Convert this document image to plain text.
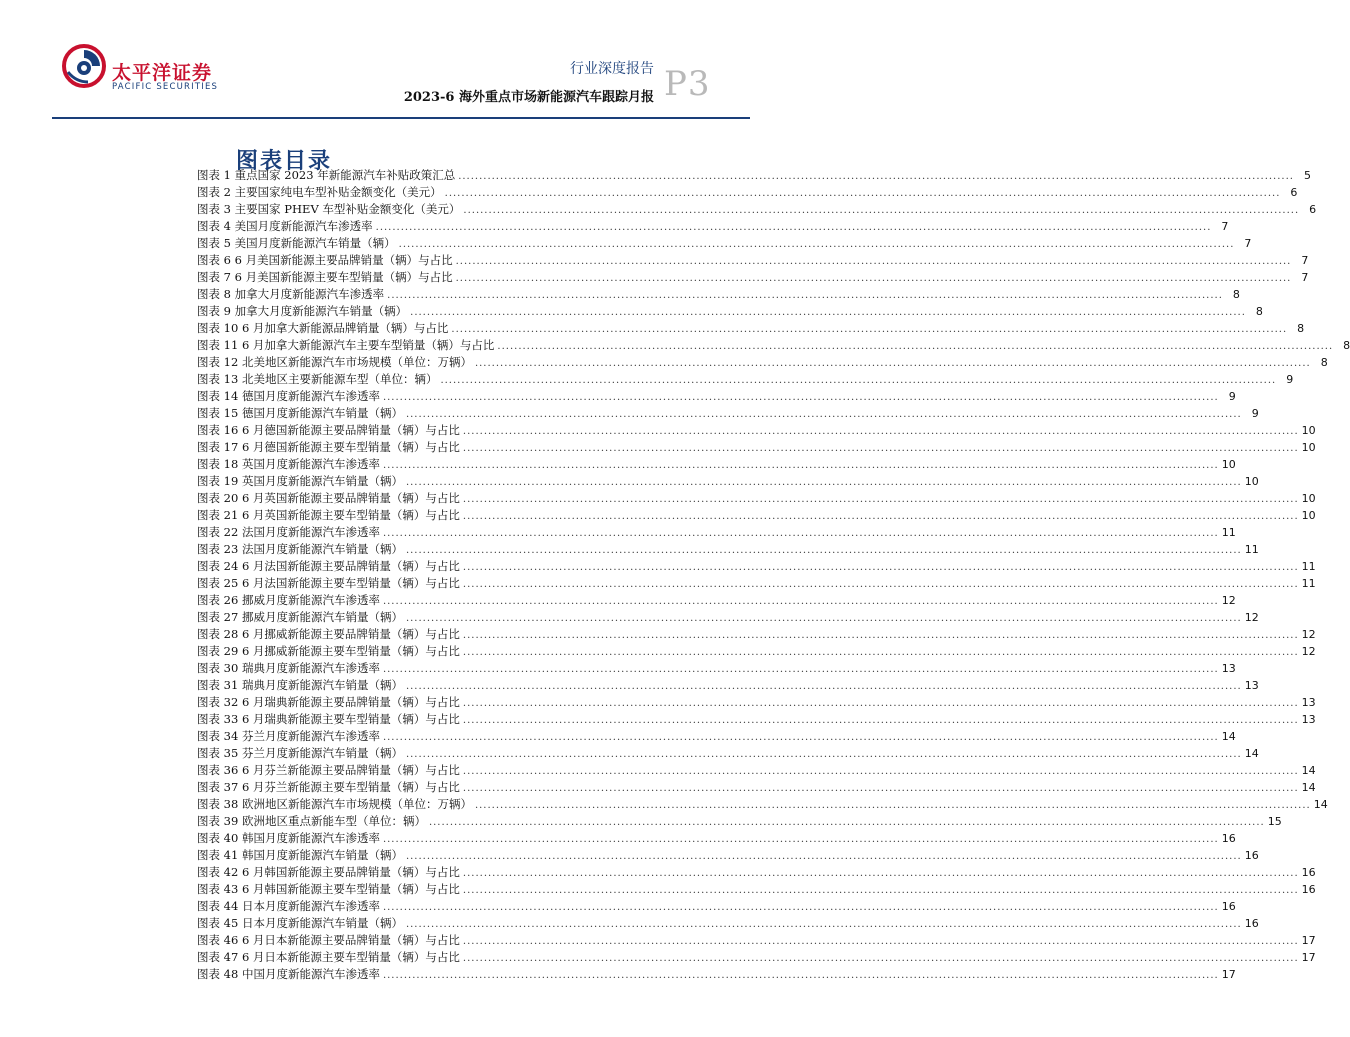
太平洋证券
PACIFIC SECURITIES
行业深度报告
2023-6 海外重点市场新能源汽车跟踪月报 P3
图表目录
图表 1 重点国家 2023 年新能源汽车补贴政策汇总 ........................................................................................................................................................................................................ 5
图表 2 主要国家纯电车型补贴金额变化（美元） ........................................................................................................................................................................................................ 6
图表 3 主要国家 PHEV 车型补贴金额变化（美元） ........................................................................................................................................................................................................ 6
图表 4 美国月度新能源汽车渗透率 ........................................................................................................................................................................................................ 7
图表 5 美国月度新能源汽车销量（辆） ........................................................................................................................................................................................................ 7
图表 6 6 月美国新能源主要品牌销量（辆）与占比 ........................................................................................................................................................................................................ 7
图表 7 6 月美国新能源主要车型销量（辆）与占比 ........................................................................................................................................................................................................ 7
图表 8 加拿大月度新能源汽车渗透率 ........................................................................................................................................................................................................ 8
图表 9 加拿大月度新能源汽车销量（辆） ........................................................................................................................................................................................................ 8
图表 10 6 月加拿大新能源品牌销量（辆）与占比 ........................................................................................................................................................................................................ 8
图表 11 6 月加拿大新能源汽车主要车型销量（辆）与占比 ........................................................................................................................................................................................................ 8
图表 12 北美地区新能源汽车市场规模（单位：万辆） ........................................................................................................................................................................................................ 8
图表 13 北美地区主要新能源车型（单位：辆） ........................................................................................................................................................................................................ 9
图表 14 德国月度新能源汽车渗透率 ........................................................................................................................................................................................................ 9
图表 15 德国月度新能源汽车销量（辆） ........................................................................................................................................................................................................ 9
图表 16 6 月德国新能源主要品牌销量（辆）与占比 ........................................................................................................................................................................................................ 10
图表 17 6 月德国新能源主要车型销量（辆）与占比 ........................................................................................................................................................................................................ 10
图表 18 英国月度新能源汽车渗透率 ........................................................................................................................................................................................................ 10
图表 19 英国月度新能源汽车销量（辆） ........................................................................................................................................................................................................ 10
图表 20 6 月英国新能源主要品牌销量（辆）与占比 ........................................................................................................................................................................................................ 10
图表 21 6 月英国新能源主要车型销量（辆）与占比 ........................................................................................................................................................................................................ 10
图表 22 法国月度新能源汽车渗透率 ........................................................................................................................................................................................................ 11
图表 23 法国月度新能源汽车销量（辆） ........................................................................................................................................................................................................ 11
图表 24 6 月法国新能源主要品牌销量（辆）与占比 ........................................................................................................................................................................................................ 11
图表 25 6 月法国新能源主要车型销量（辆）与占比 ........................................................................................................................................................................................................ 11
图表 26 挪威月度新能源汽车渗透率 ........................................................................................................................................................................................................ 12
图表 27 挪威月度新能源汽车销量（辆） ........................................................................................................................................................................................................ 12
图表 28 6 月挪威新能源主要品牌销量（辆）与占比 ........................................................................................................................................................................................................ 12
图表 29 6 月挪威新能源主要车型销量（辆）与占比 ........................................................................................................................................................................................................ 12
图表 30 瑞典月度新能源汽车渗透率 ........................................................................................................................................................................................................ 13
图表 31 瑞典月度新能源汽车销量（辆） ........................................................................................................................................................................................................ 13
图表 32 6 月瑞典新能源主要品牌销量（辆）与占比 ........................................................................................................................................................................................................ 13
图表 33 6 月瑞典新能源主要车型销量（辆）与占比 ........................................................................................................................................................................................................ 13
图表 34 芬兰月度新能源汽车渗透率 ........................................................................................................................................................................................................ 14
图表 35 芬兰月度新能源汽车销量（辆） ........................................................................................................................................................................................................ 14
图表 36 6 月芬兰新能源主要品牌销量（辆）与占比 ........................................................................................................................................................................................................ 14
图表 37 6 月芬兰新能源主要车型销量（辆）与占比 ........................................................................................................................................................................................................ 14
图表 38 欧洲地区新能源汽车市场规模（单位：万辆） ........................................................................................................................................................................................................ 14
图表 39 欧洲地区重点新能车型（单位：辆） ........................................................................................................................................................................................................ 15
图表 40 韩国月度新能源汽车渗透率 ........................................................................................................................................................................................................ 16
图表 41 韩国月度新能源汽车销量（辆） ........................................................................................................................................................................................................ 16
图表 42 6 月韩国新能源主要品牌销量（辆）与占比 ........................................................................................................................................................................................................ 16
图表 43 6 月韩国新能源主要车型销量（辆）与占比 ........................................................................................................................................................................................................ 16
图表 44 日本月度新能源汽车渗透率 ........................................................................................................................................................................................................ 16
图表 45 日本月度新能源汽车销量（辆） ........................................................................................................................................................................................................ 16
图表 46 6 月日本新能源主要品牌销量（辆）与占比 ........................................................................................................................................................................................................ 17
图表 47 6 月日本新能源主要车型销量（辆）与占比 ........................................................................................................................................................................................................ 17
图表 48 中国月度新能源汽车渗透率 ........................................................................................................................................................................................................ 17
